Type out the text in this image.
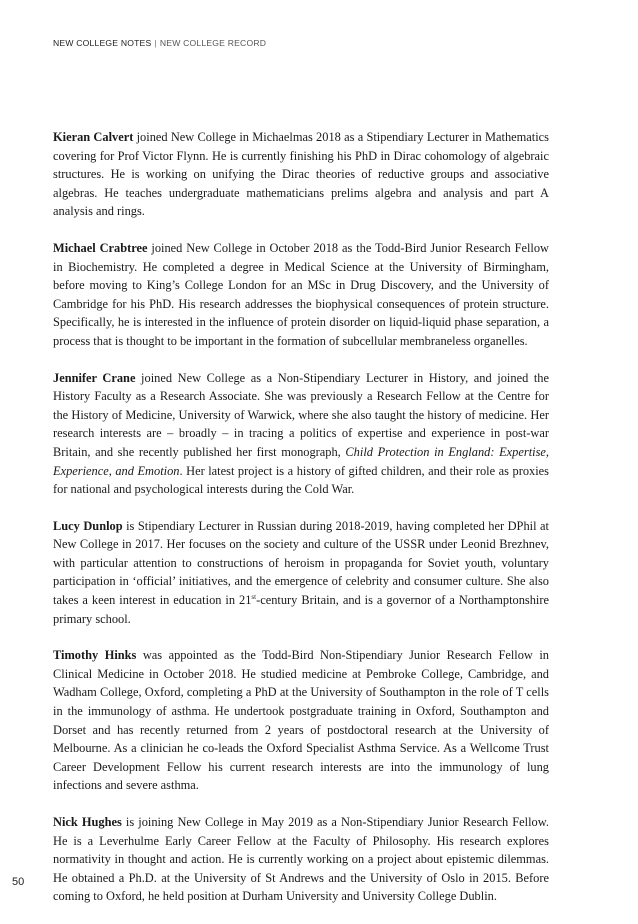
NEW COLLEGE NOTES | NEW COLLEGE RECORD

Kieran Calvert joined New College in Michaelmas 2018 as a Stipendiary Lecturer in Mathematics covering for Prof Victor Flynn. He is currently finishing his PhD in Dirac cohomology of algebraic structures. He is working on unifying the Dirac theories of reductive groups and associative algebras. He teaches undergraduate mathematicians prelims algebra and analysis and part A analysis and rings.

Michael Crabtree joined New College in October 2018 as the Todd-Bird Junior Research Fellow in Biochemistry. He completed a degree in Medical Science at the University of Birmingham, before moving to King’s College London for an MSc in Drug Discovery, and the University of Cambridge for his PhD. His research addresses the biophysical consequences of protein structure. Specifically, he is interested in the influence of protein disorder on liquid-liquid phase separation, a process that is thought to be important in the formation of subcellular membraneless organelles.

Jennifer Crane joined New College as a Non-Stipendiary Lecturer in History, and joined the History Faculty as a Research Associate. She was previously a Research Fellow at the Centre for the History of Medicine, University of Warwick, where she also taught the history of medicine. Her research interests are – broadly – in tracing a politics of expertise and experience in post-war Britain, and she recently published her first monograph, Child Protection in England: Expertise, Experience, and Emotion. Her latest project is a history of gifted children, and their role as proxies for national and psychological interests during the Cold War.

Lucy Dunlop is Stipendiary Lecturer in Russian during 2018-2019, having completed her DPhil at New College in 2017. Her focuses on the society and culture of the USSR under Leonid Brezhnev, with particular attention to constructions of heroism in propaganda for Soviet youth, voluntary participation in ‘official’ initiatives, and the emergence of celebrity and consumer culture. She also takes a keen interest in education in 21st-century Britain, and is a governor of a Northamptonshire primary school.

Timothy Hinks was appointed as the Todd-Bird Non-Stipendiary Junior Research Fellow in Clinical Medicine in October 2018. He studied medicine at Pembroke College, Cambridge, and Wadham College, Oxford, completing a PhD at the University of Southampton in the role of T cells in the immunology of asthma. He undertook postgraduate training in Oxford, Southampton and Dorset and has recently returned from 2 years of postdoctoral research at the University of Melbourne. As a clinician he co-leads the Oxford Specialist Asthma Service. As a Wellcome Trust Career Development Fellow his current research interests are into the immunology of lung infections and severe asthma.

Nick Hughes is joining New College in May 2019 as a Non-Stipendiary Junior Research Fellow. He is a Leverhulme Early Career Fellow at the Faculty of Philosophy. His research explores normativity in thought and action. He is currently working on a project about epistemic dilemmas. He obtained a Ph.D. at the University of St Andrews and the University of Oslo in 2015. Before coming to Oxford, he held position at Durham University and University College Dublin.

50
